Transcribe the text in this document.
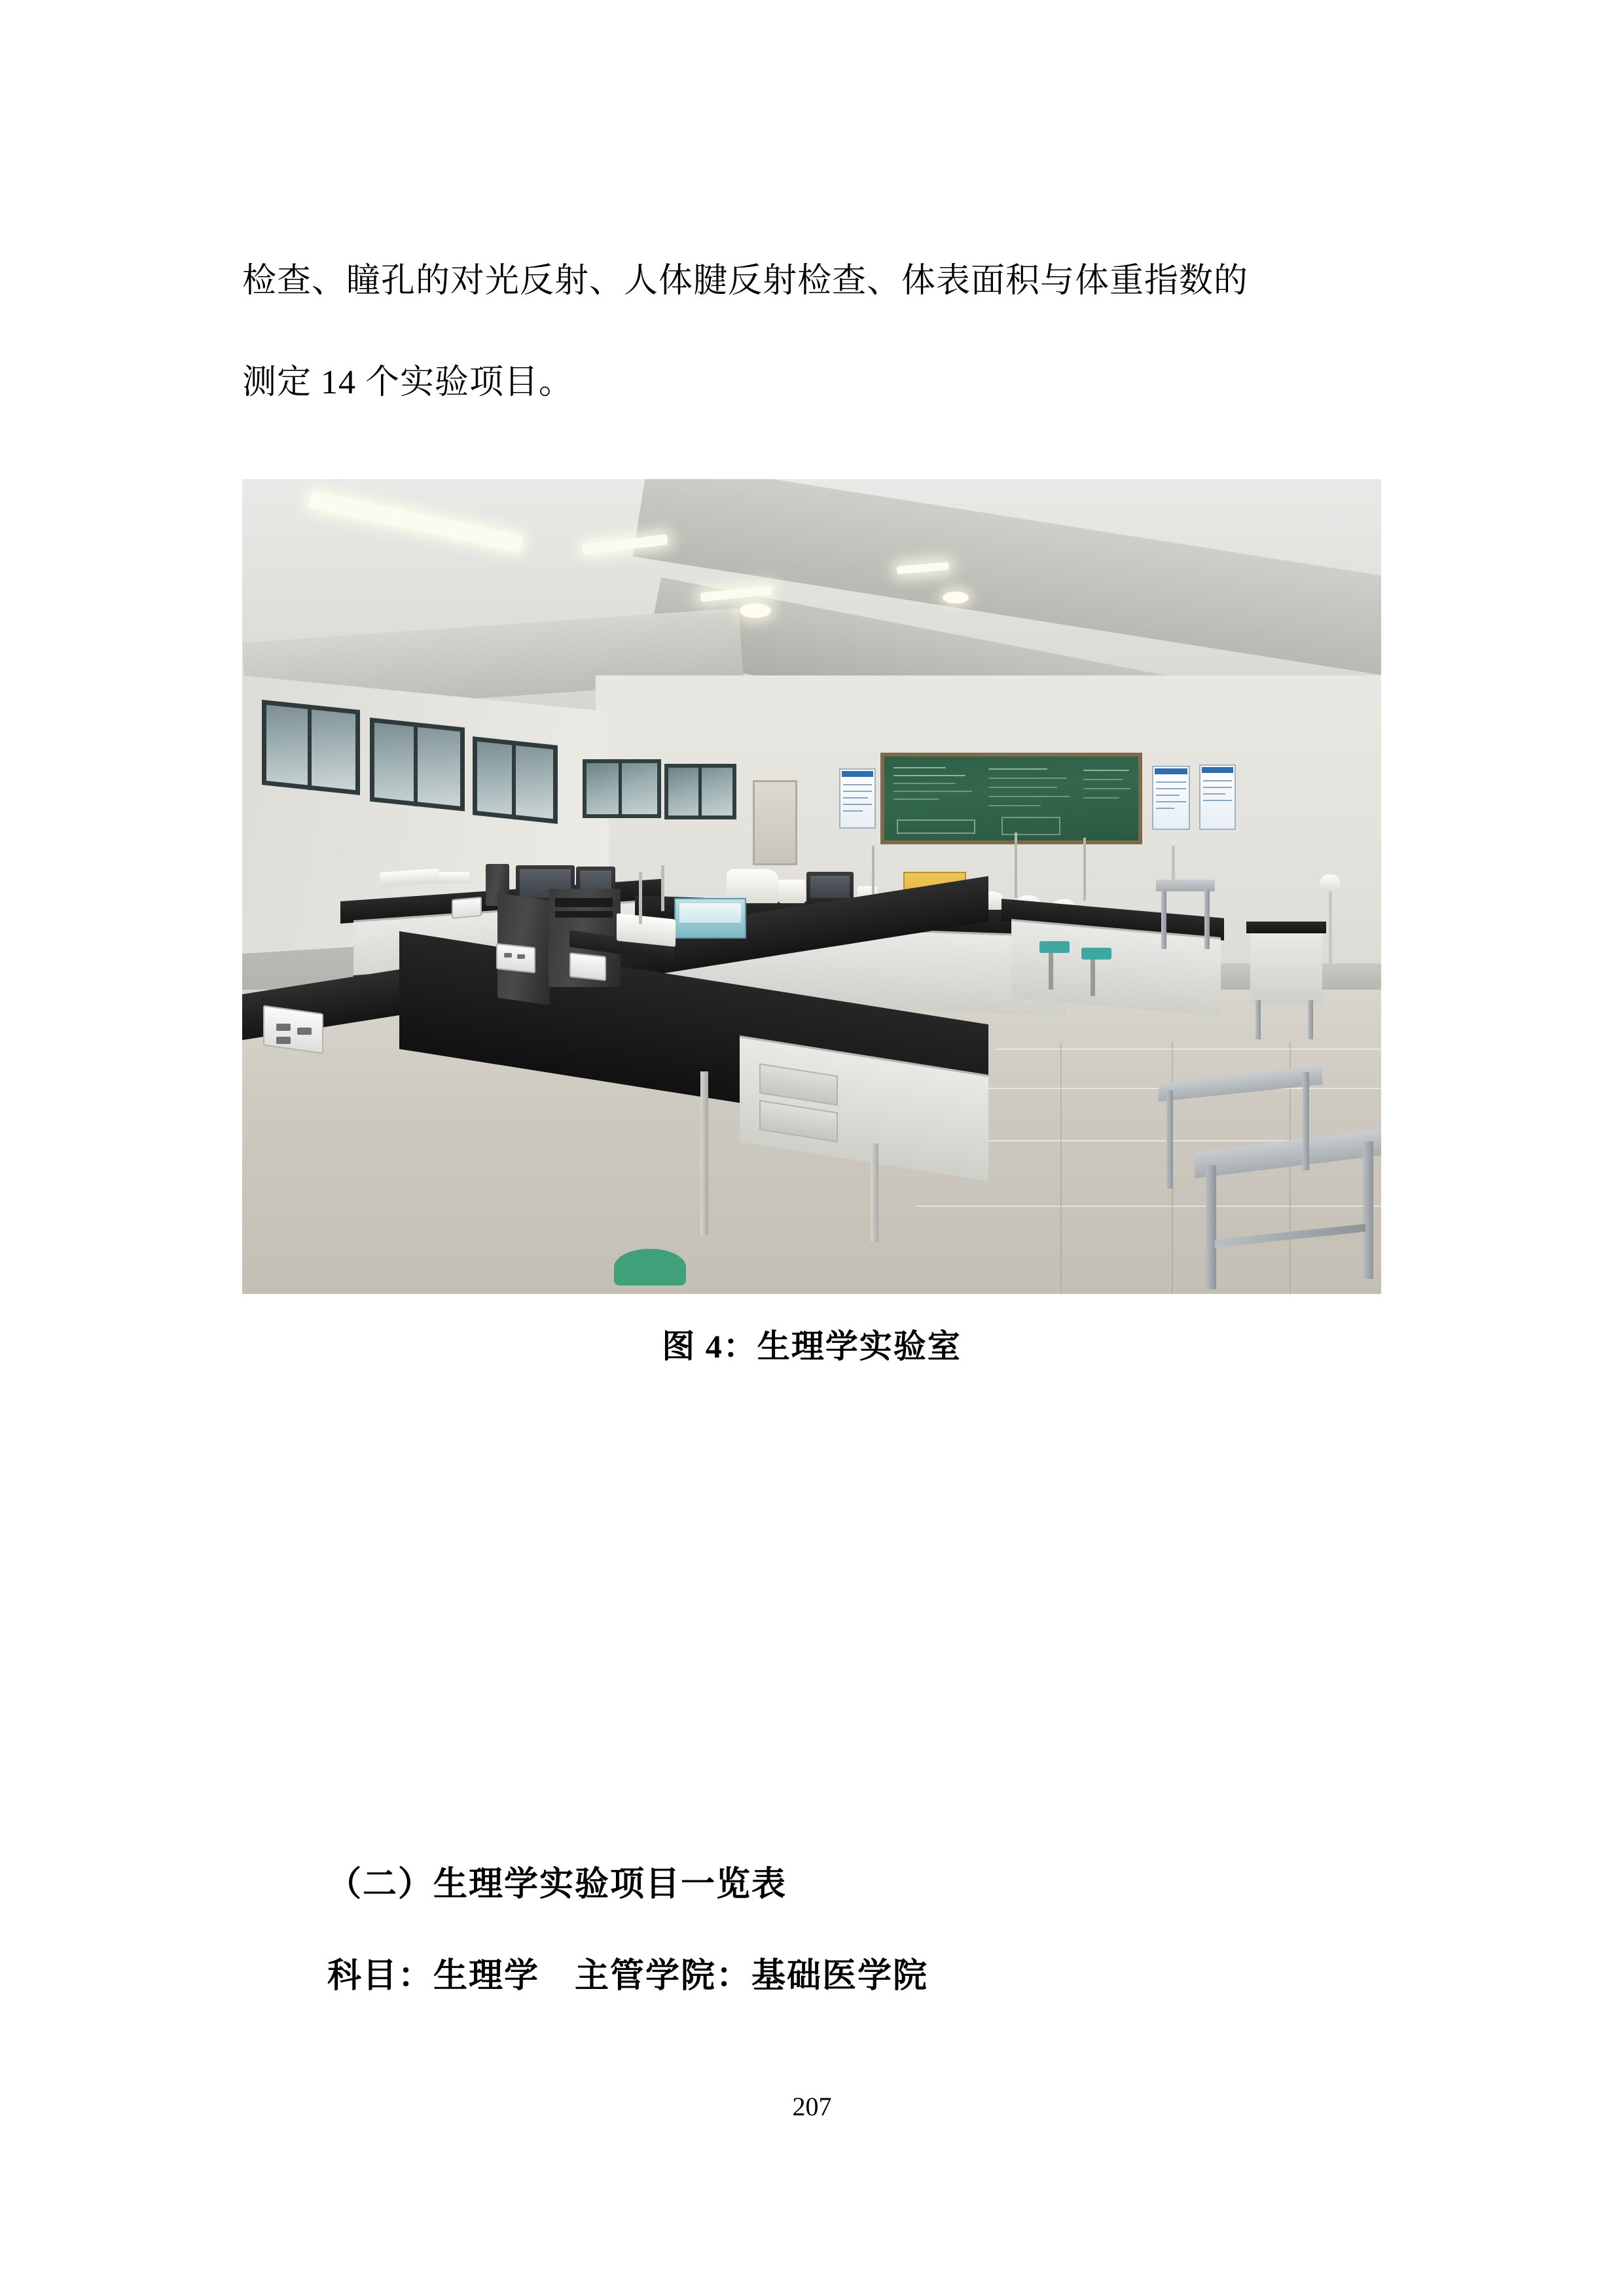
检查、瞳孔的对光反射、人体腱反射检查、体表面积与体重指数的
测定 14 个实验项目。

图 4：生理学实验室
（二）生理学实验项目一览表
科目：生理学　主管学院：基础医学院
207
